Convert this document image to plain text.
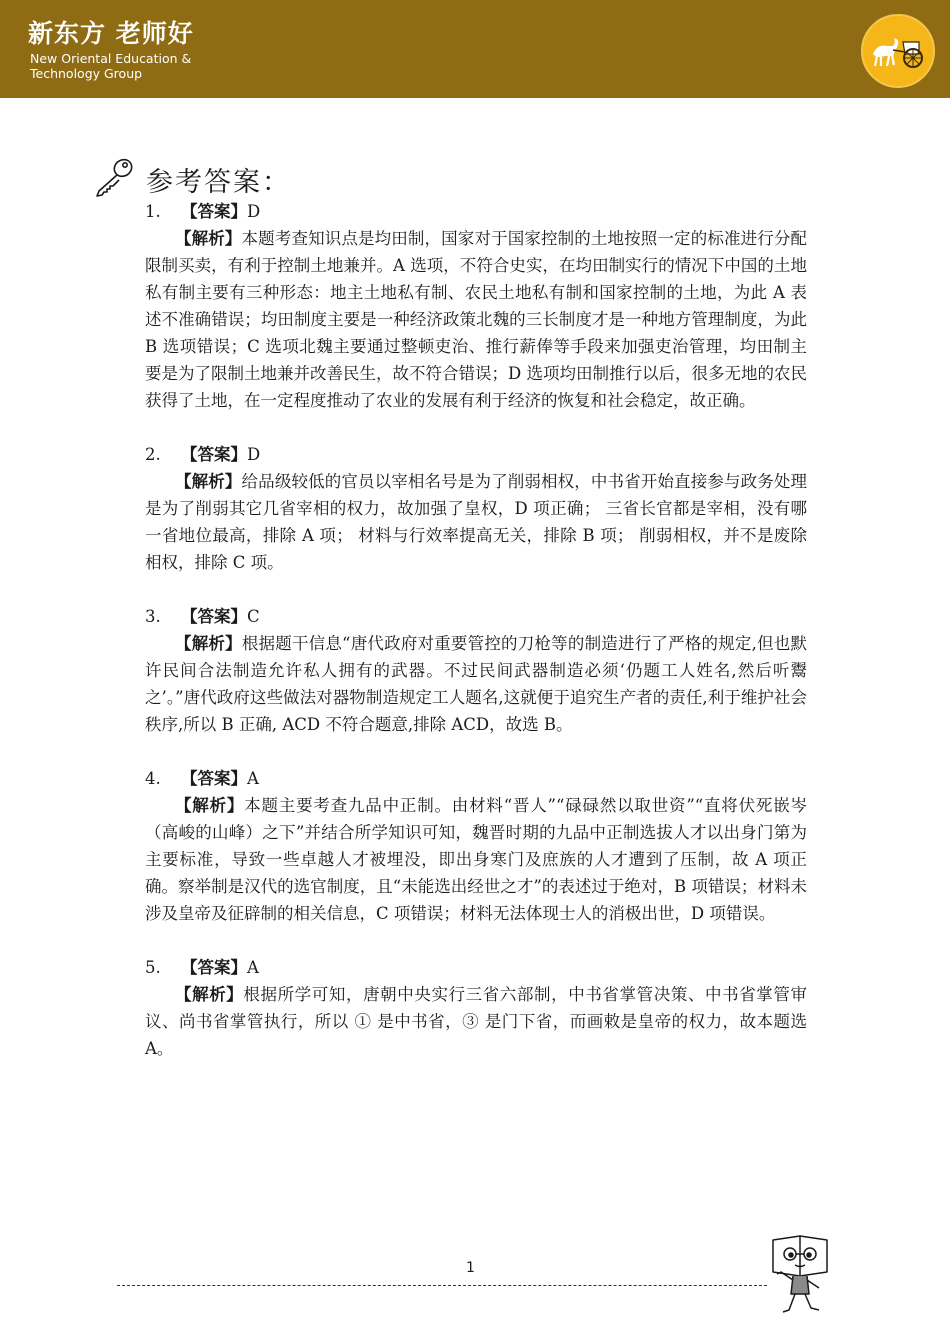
新东方 老师好
New Oriental Education &
Technology Group
参考答案：
1. 【答案】D
【解析】本题考查知识点是均田制，国家对于国家控制的土地按照一定的标准进行分配限制买卖，有利于控制土地兼并。A 选项，不符合史实，在均田制实行的情况下中国的土地私有制主要有三种形态：地主土地私有制、农民土地私有制和国家控制的土地，为此 A 表述不准确错误；均田制度主要是一种经济政策北魏的三长制度才是一种地方管理制度，为此 B 选项错误；C 选项北魏主要通过整顿吏治、推行薪俸等手段来加强吏治管理，均田制主要是为了限制土地兼并改善民生，故不符合错误；D 选项均田制推行以后，很多无地的农民获得了土地，在一定程度推动了农业的发展有利于经济的恢复和社会稳定，故正确。
2. 【答案】D
【解析】给品级较低的官员以宰相名号是为了削弱相权，中书省开始直接参与政务处理是为了削弱其它几省宰相的权力，故加强了皇权，D 项正确； 三省长官都是宰相，没有哪一省地位最高，排除 A 项； 材料与行效率提高无关，排除 B 项； 削弱相权，并不是废除相权，排除 C 项。
3. 【答案】C
【解析】根据题干信息“唐代政府对重要管控的刀枪等的制造进行了严格的规定,但也默许民间合法制造允许私人拥有的武器。不过民间武器制造必须‘仍题工人姓名,然后听鬻之’。”唐代政府这些做法对器物制造规定工人题名,这就便于追究生产者的责任,利于维护社会秩序,所以 B 正确, ACD 不符合题意,排除 ACD，故选 B。
4. 【答案】A
【解析】本题主要考查九品中正制。由材料“晋人”“碌碌然以取世资”“直将伏死嵌岑（高峻的山峰）之下”并结合所学知识可知，魏晋时期的九品中正制选拔人才以出身门第为主要标准，导致一些卓越人才被埋没，即出身寒门及庶族的人才遭到了压制，故 A 项正确。察举制是汉代的选官制度，且“未能选出经世之才”的表述过于绝对，B 项错误；材料未涉及皇帝及征辟制的相关信息，C 项错误；材料无法体现士人的消极出世，D 项错误。
5. 【答案】A
【解析】根据所学可知，唐朝中央实行三省六部制，中书省掌管决策、中书省掌管审议、尚书省掌管执行，所以 ① 是中书省，③ 是门下省，而画敕是皇帝的权力，故本题选 A。
1
